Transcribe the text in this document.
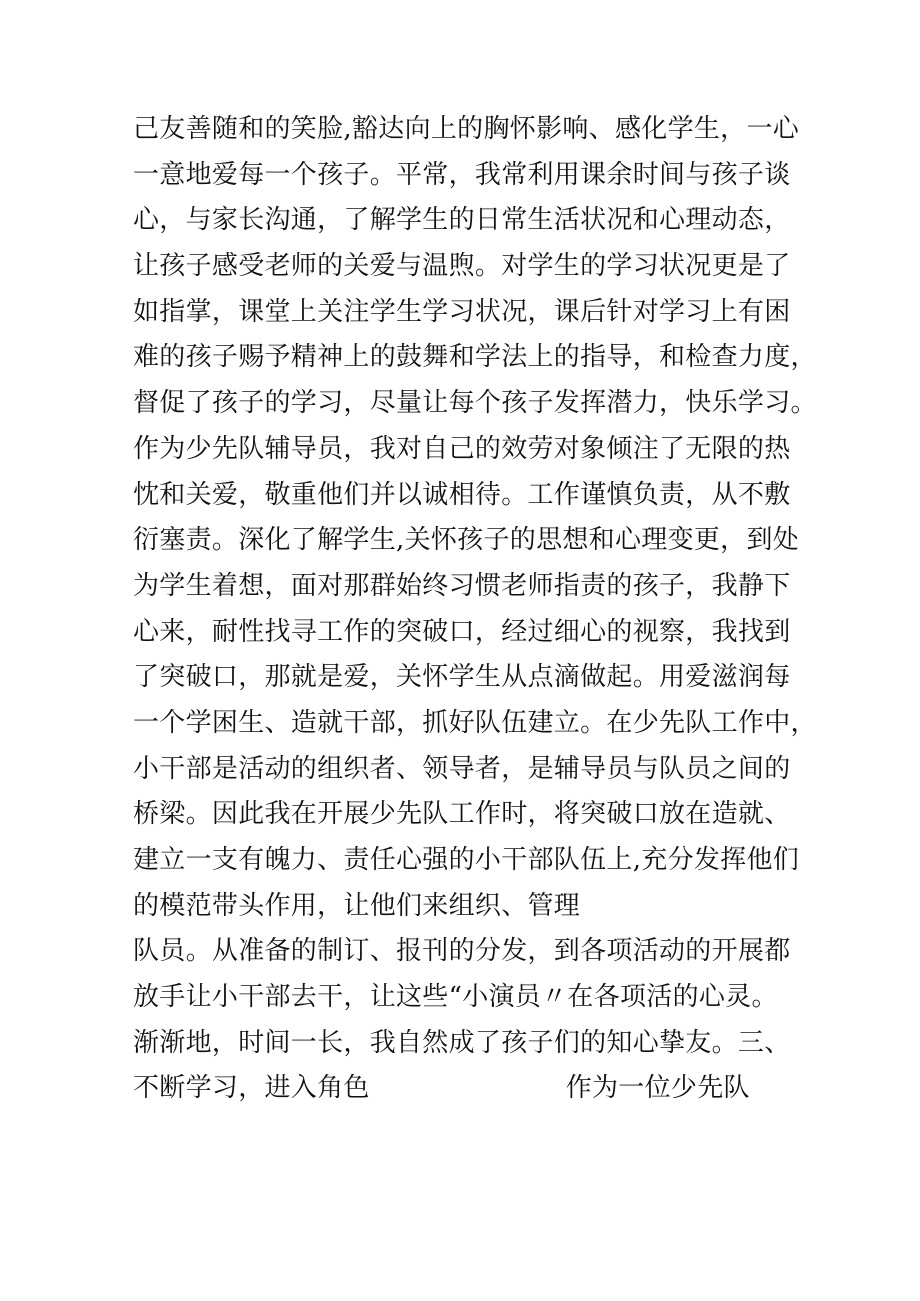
己友善随和的笑脸,豁达向上的胸怀影响、感化学生，一心
一意地爱每一个孩子。平常，我常利用课余时间与孩子谈
心，与家长沟通，了解学生的日常生活状况和心理动态，
让孩子感受老师的关爱与温煦。对学生的学习状况更是了
如指掌，课堂上关注学生学习状况，课后针对学习上有困
难的孩子赐予精神上的鼓舞和学法上的指导，和检查力度，
督促了孩子的学习，尽量让每个孩子发挥潜力，快乐学习。
作为少先队辅导员，我对自己的效劳对象倾注了无限的热
忱和关爱，敬重他们并以诚相待。工作谨慎负责，从不敷
衍塞责。深化了解学生,关怀孩子的思想和心理变更，到处
为学生着想，面对那群始终习惯老师指责的孩子，我静下
心来，耐性找寻工作的突破口，经过细心的视察，我找到
了突破口，那就是爱，关怀学生从点滴做起。用爱滋润每
一个学困生、造就干部，抓好队伍建立。在少先队工作中，
小干部是活动的组织者、领导者，是辅导员与队员之间的
桥梁。因此我在开展少先队工作时，将突破口放在造就、
建立一支有魄力、责任心强的小干部队伍上,充分发挥他们
的模范带头作用，让他们来组织、管理
队员。从准备的制订、报刊的分发，到各项活动的开展都
放手让小干部去干，让这些“小演员〃在各项活的心灵。
渐渐地，时间一长，我自然成了孩子们的知心挚友。三、
不断学习，进入角色	作为一位少先队
